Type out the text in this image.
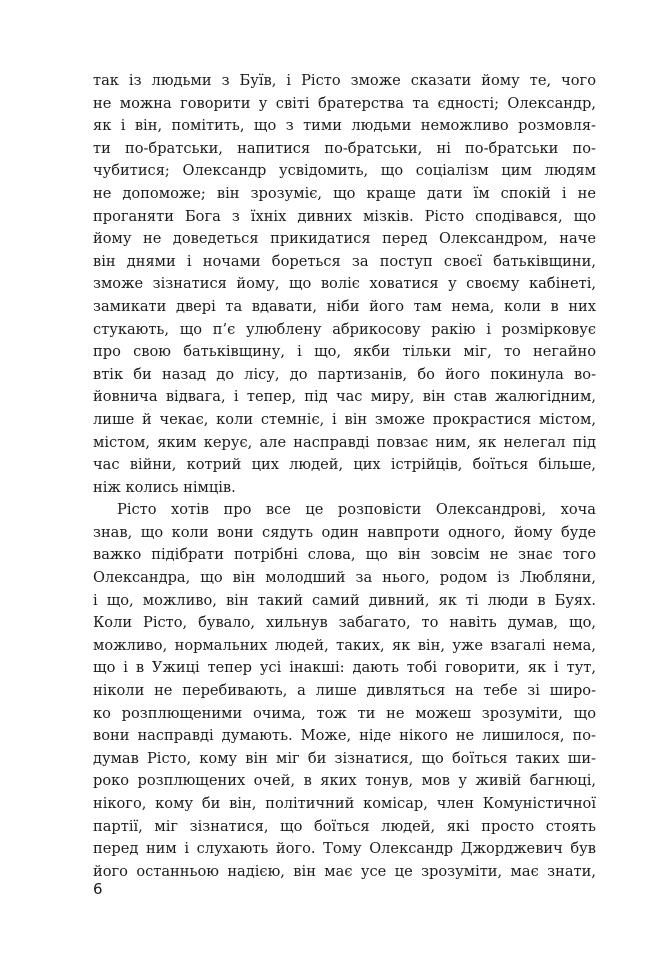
так із людьми з Буїв, і Рісто зможе сказати йому те, чого
не можна говорити у світі братерства та єдності; Олександр,
як і він, помітить, що з тими людьми неможливо розмовля-
ти по-братськи, напитися по-братськи, ні по-братськи по-
чубитися; Олександр усвідомить, що соціалізм цим людям
не допоможе; він зрозуміє, що краще дати їм спокій і не
проганяти Бога з їхніх дивних мізків. Рісто сподівався, що
йому не доведеться прикидатися перед Олександром, наче
він днями і ночами бореться за поступ своєї батьківщини,
зможе зізнатися йому, що воліє ховатися у своєму кабінеті,
замикати двері та вдавати, ніби його там нема, коли в них
стукають, що п’є улюблену абрикосову ракію і розмірковує
про свою батьківщину, і що, якби тільки міг, то негайно
втік би назад до лісу, до партизанів, бо його покинула во-
йовнича відвага, і тепер, під час миру, він став жалюгідним,
лише й чекає, коли стемніє, і він зможе прокрастися містом,
містом, яким керує, але насправді повзає ним, як нелегал під
час війни, котрий цих людей, цих істрійців, боїться більше,
ніж колись німців.
Рісто хотів про все це розповісти Олександрові, хоча
знав, що коли вони сядуть один навпроти одного, йому буде
важко підібрати потрібні слова, що він зовсім не знає того
Олександра, що він молодший за нього, родом із Любляни,
і що, можливо, він такий самий дивний, як ті люди в Буях.
Коли Рісто, бувало, хильнув забагато, то навіть думав, що,
можливо, нормальних людей, таких, як він, уже взагалі нема,
що і в Ужиці тепер усі інакші: дають тобі говорити, як і тут,
ніколи не перебивають, а лише дивляться на тебе зі широ-
ко розплющеними очима, тож ти не можеш зрозуміти, що
вони насправді думають. Може, ніде нікого не лишилося, по-
думав Рісто, кому він міг би зізнатися, що боїться таких ши-
роко розплющених очей, в яких тонув, мов у живій багнюці,
нікого, кому би він, політичний комісар, член Комуністичної
партії, міг зізнатися, що боїться людей, які просто стоять
перед ним і слухають його. Тому Олександр Джорджевич був
його останньою надією, він має усе це зрозуміти, має знати,
6
